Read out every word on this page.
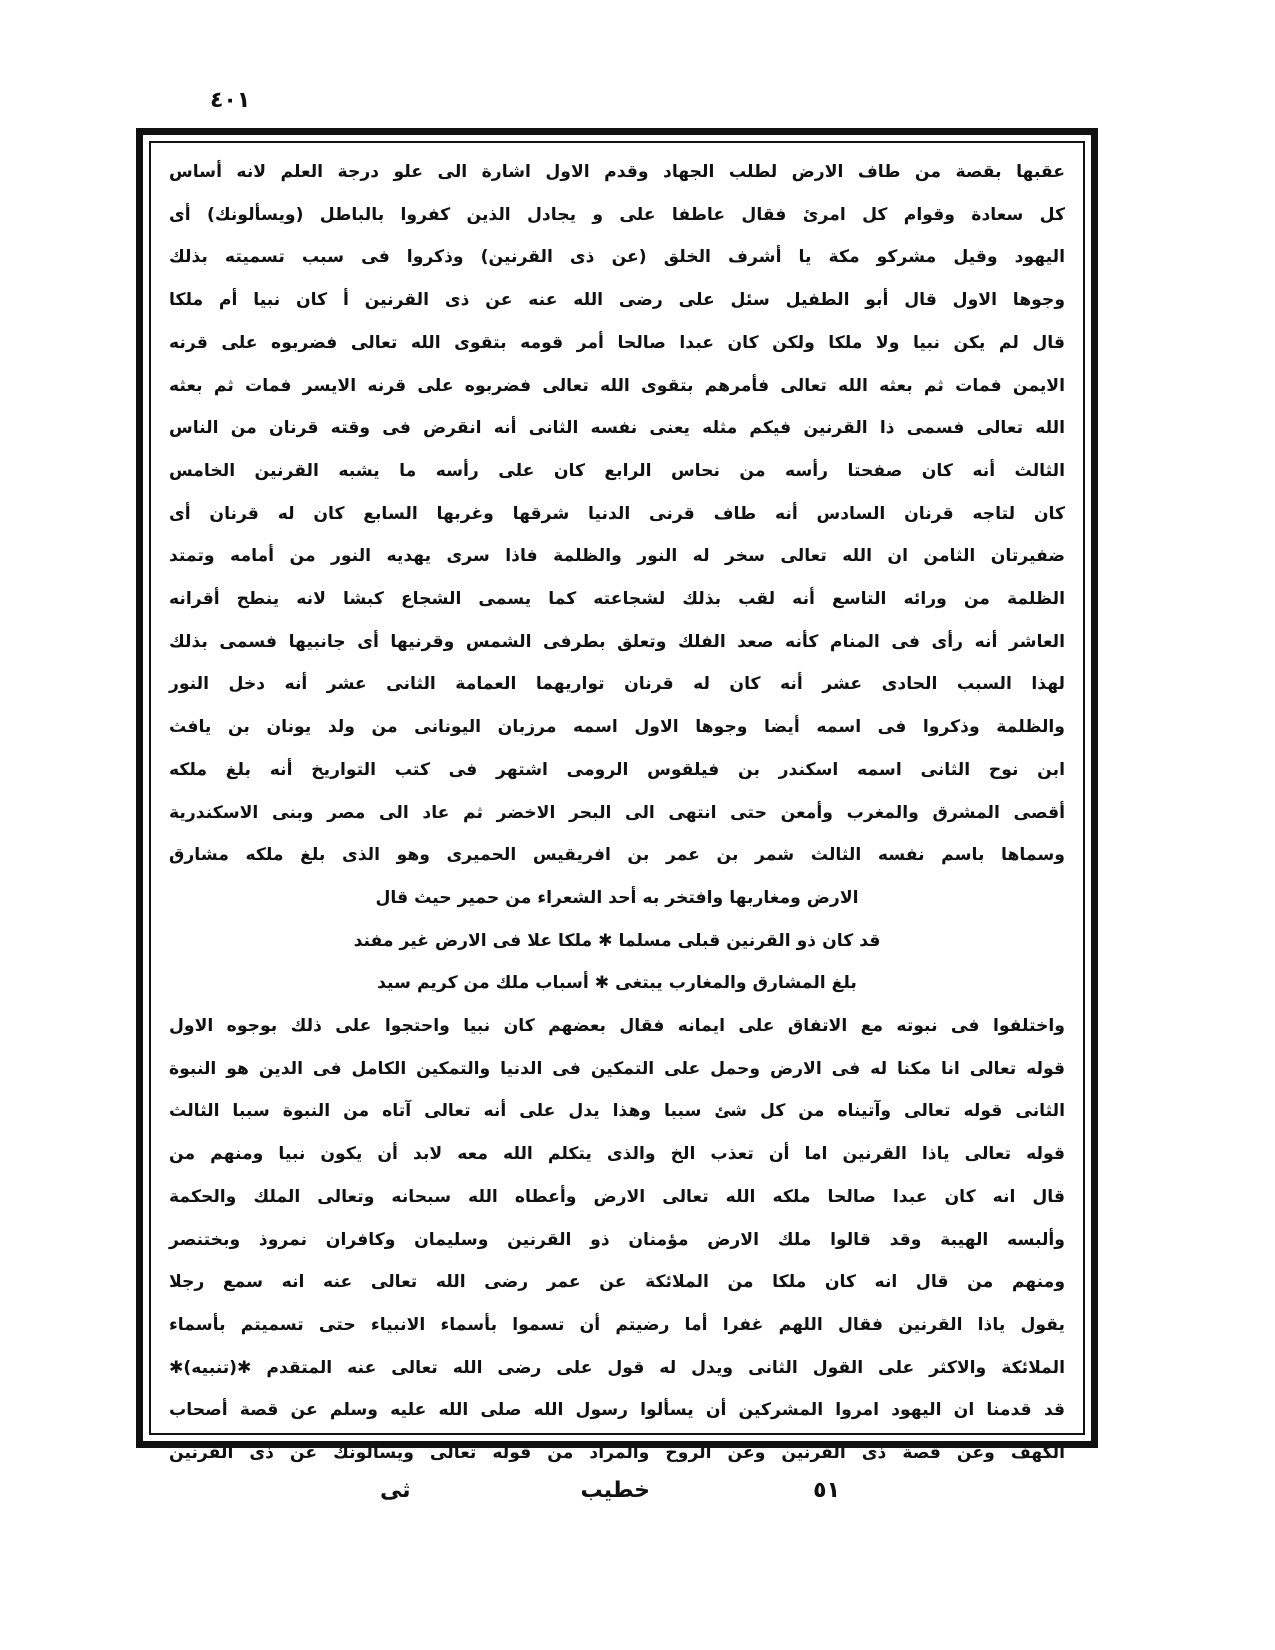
٤٠١
عقبها بقصة من طاف الارض لطلب الجهاد وقدم الاول اشارة الى علو درجة العلم لانه أساس
كل سعادة وقوام كل امرئ فقال عاطفا على و يجادل الذين كفروا بالباطل (ويسألونك) أى
اليهود وقيل مشركو مكة يا أشرف الخلق (عن ذى القرنين) وذكروا فى سبب تسميته بذلك
وجوها الاول قال أبو الطفيل سئل على رضى الله عنه عن ذى القرنين أ كان نبيا أم ملكا
قال لم يكن نبيا ولا ملكا ولكن كان عبدا صالحا أمر قومه بتقوى الله تعالى فضربوه على قرنه
الايمن فمات ثم بعثه الله تعالى فأمرهم بتقوى الله تعالى فضربوه على قرنه الايسر فمات ثم بعثه
الله تعالى فسمى ذا القرنين فيكم مثله يعنى نفسه الثانى أنه انقرض فى وقته قرنان من الناس
الثالث أنه كان صفحتا رأسه من نحاس الرابع كان على رأسه ما يشبه القرنين الخامس
كان لتاجه قرنان السادس أنه طاف قرنى الدنيا شرقها وغربها السابع كان له قرنان أى
ضفيرتان الثامن ان الله تعالى سخر له النور والظلمة فاذا سرى يهديه النور من أمامه وتمتد
الظلمة من ورائه التاسع أنه لقب بذلك لشجاعته كما يسمى الشجاع كبشا لانه ينطح أقرانه
العاشر أنه رأى فى المنام كأنه صعد الفلك وتعلق بطرفى الشمس وقرنيها أى جانبيها فسمى بذلك
لهذا السبب الحادى عشر أنه كان له قرنان تواريهما العمامة الثانى عشر أنه دخل النور
والظلمة وذكروا فى اسمه أيضا وجوها الاول اسمه مرزبان اليونانى من ولد يونان بن يافث
ابن نوح الثانى اسمه اسكندر بن فيلقوس الرومى اشتهر فى كتب التواريخ أنه بلغ ملكه
أقصى المشرق والمغرب وأمعن حتى انتهى الى البحر الاخضر ثم عاد الى مصر وبنى الاسكندرية
وسماها باسم نفسه الثالث شمر بن عمر بن افريقيس الحميرى وهو الذى بلغ ملكه مشارق
الارض ومغاربها وافتخر به أحد الشعراء من حمير حيث قال
قد كان ذو القرنين قبلى مسلما ✱ ملكا علا فى الارض غير مفند
بلغ المشارق والمغارب يبتغى ✱ أسباب ملك من كريم سيد
واختلفوا فى نبوته مع الاتفاق على ايمانه فقال بعضهم كان نبيا واحتجوا على ذلك بوجوه الاول
قوله تعالى انا مكنا له فى الارض وحمل على التمكين فى الدنيا والتمكين الكامل فى الدين هو النبوة
الثانى قوله تعالى وآتيناه من كل شئ سببا وهذا يدل على أنه تعالى آتاه من النبوة سببا الثالث
قوله تعالى ياذا القرنين اما أن تعذب الخ والذى يتكلم الله معه لابد أن يكون نبيا ومنهم من
قال انه كان عبدا صالحا ملكه الله تعالى الارض وأعطاه الله سبحانه وتعالى الملك والحكمة
وألبسه الهيبة وقد قالوا ملك الارض مؤمنان ذو القرنين وسليمان وكافران نمروذ وبختنصر
ومنهم من قال انه كان ملكا من الملائكة عن عمر رضى الله تعالى عنه انه سمع رجلا
يقول ياذا القرنين فقال اللهم غفرا أما رضيتم أن تسموا بأسماء الانبياء حتى تسميتم بأسماء
الملائكة والاكثر على القول الثانى ويدل له قول على رضى الله تعالى عنه المتقدم ✱(تنبيه)✱
قد قدمنا ان اليهود امروا المشركين أن يسألوا رسول الله صلى الله عليه وسلم عن قصة أصحاب
الكهف وعن قصة ذى القرنين وعن الروح والمراد من قوله تعالى ويسألونك عن ذى القرنين
٥١
خطيب
ثى
